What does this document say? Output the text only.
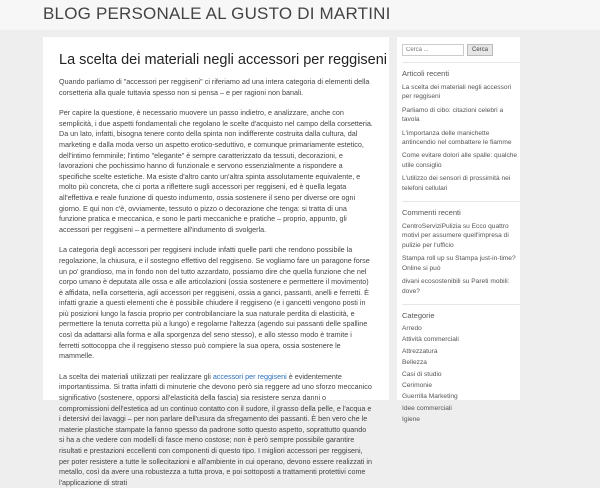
BLOG PERSONALE AL GUSTO DI MARTINI
La scelta dei materiali negli accessori per reggiseni

Quando parliamo di "accessori per reggiseni" ci riferiamo ad una intera categoria di elementi della corsetteria alla quale tuttavia spesso non si pensa – e per ragioni non banali.

Per capire la questione, è necessario muovere un passo indietro, e analizzare, anche con semplicità, i due aspetti fondamentali che regolano le scelte d'acquisto nel campo della corsetteria. Da un lato, infatti, bisogna tenere conto della spinta non indifferente costruita dalla cultura, dal marketing e dalla moda verso un aspetto erotico-seduttivo, e comunque primariamente estetico, dell'intimo femminile; l'intimo "elegante" è sempre caratterizzato da tessuti, decorazioni, e lavorazioni che pochissimo hanno di funzionale e servono essenzialmente a rispondere a specifiche scelte estetiche. Ma esiste d'altro canto un'altra spinta assolutamente equivalente, e molto più concreta, che ci porta a riflettere sugli accessori per reggiseni, ed è quella legata all'effettiva e reale funzione di questo indumento, ossia sostenere il seno per diverse ore ogni giorno. E qui non c'è, ovviamente, tessuto o pizzo o decorazione che tenga: si tratta di una funzione pratica e meccanica, e sono le parti meccaniche e pratiche – proprio, appunto, gli accessori per reggiseni – a permettere all'indumento di svolgerla.

La categoria degli accessori per reggiseni include infatti quelle parti che rendono possibile la regolazione, la chiusura, e il sostegno effettivo del reggiseno. Se vogliamo fare un paragone forse un po' grandioso, ma in fondo non del tutto azzardato, possiamo dire che quella funzione che nel corpo umano è deputata alle ossa e alle articolazioni (ossia sostenere e permettere il movimento) è affidata, nella corsetteria, agli accessori per reggiseni, ossia a ganci, passanti, anelli e ferretti. È infatti grazie a questi elementi che è possibile chiudere il reggiseno (e i gancetti vengono posti in più posizioni lungo la fascia proprio per controbilanciare la sua naturale perdita di elasticità, e permettere la tenuta corretta più a lungo) e regolarne l'altezza (agendo sui passanti delle spalline così da adattarsi alla forma e alla sporgenza del seno stesso), e allo stesso modo è tramite i ferretti sottocoppa che il reggiseno stesso può compiere la sua opera, ossia sostenere le mammelle.

La scelta dei materiali utilizzati per realizzare gli accessori per reggiseni è evidentemente importantissima. Si tratta infatti di minuterie che devono però sia reggere ad uno sforzo meccanico significativo (sostenere, opporsi all'elasticità della fascia) sia resistere senza danni o compromissioni dell'estetica ad un continuo contatto con il sudore, il grasso della pelle, e l'acqua e i detersivi dei lavaggi – per non parlare dell'usura da sfregamento dei passanti. È ben vero che le materie plastiche stampate la fanno spesso da padrone sotto questo aspetto, soprattutto quando si ha a che vedere con modelli di fasce meno costose; non è però sempre possibile garantire risultati e prestazioni eccellenti con componenti di questo tipo. I migliori accessori per reggiseni, per poter resistere a tutte le sollecitazioni e all'ambiente in cui operano, devono essere realizzati in metallo, così da avere una robustezza a tutta prova, e poi sottoposti a trattamenti protettivi come l'applicazione di strati

Cerca ...
Cerca
Articoli recenti
La scelta dei materiali negli accessori per reggiseni
Parliamo di cibo: citazioni celebri a tavola
L'importanza delle manichette antincendio nel combattere le fiamme
Come evitare dolori alle spalle: qualche utile consiglio
L'utilizzo dei sensori di prossimità nei telefoni cellulari
Commenti recenti
CentroServiziPulizia su Ecco quattro motivi per assumere quell'impresa di pulizie per l'ufficio
Stampa roll up su Stampa just-in-time? Online si può
divani ecosostenibili su Pareti mobili: dove?
Categorie
Arredo
Attività commerciali
Attrezzatura
Bellezza
Casi di studio
Cerimonie
Guerrilla Marketing
Idee commerciali
Igiene
